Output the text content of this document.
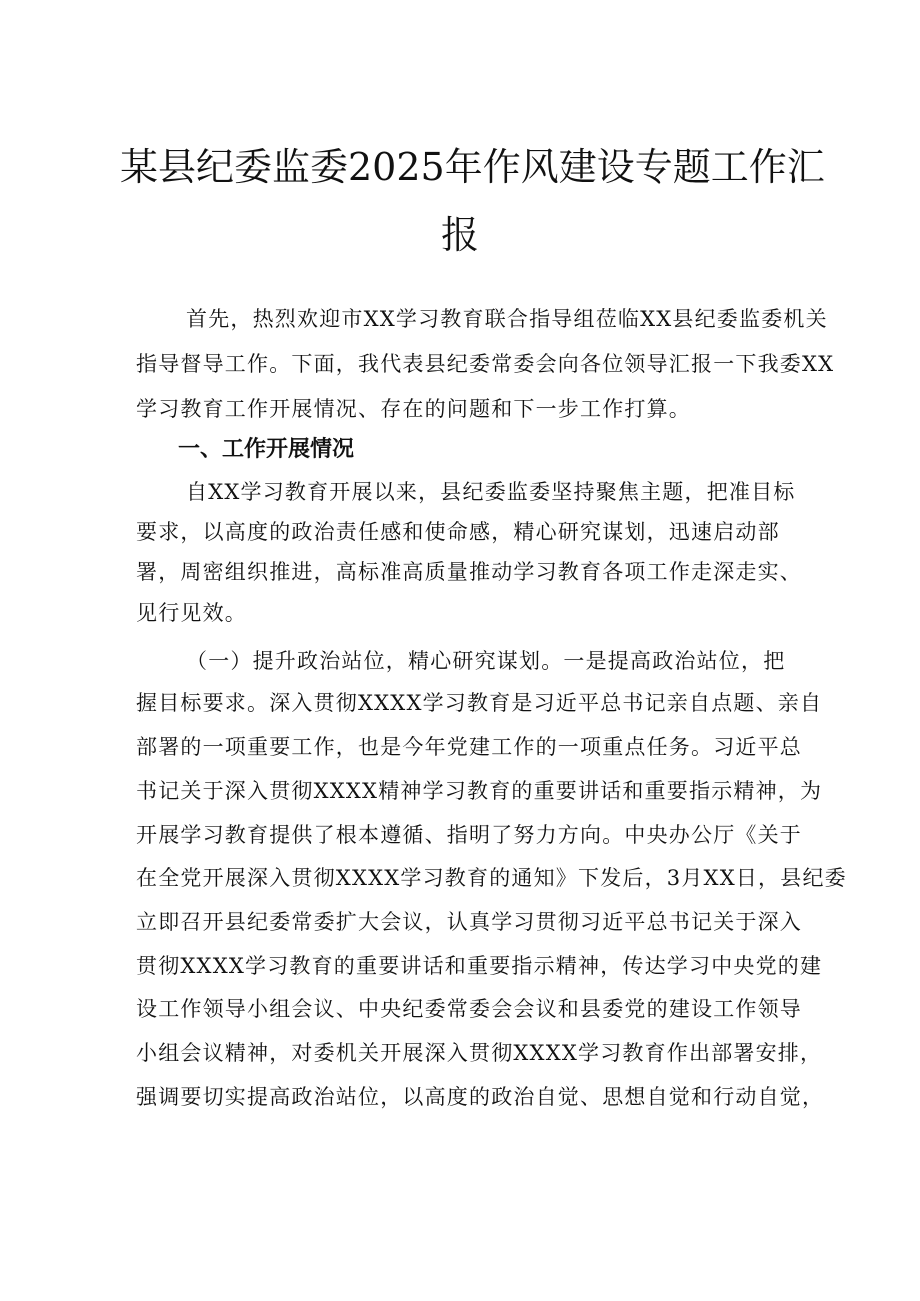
某县纪委监委2025年作风建设专题工作汇
报
首先，热烈欢迎市XX学习教育联合指导组莅临XX县纪委监委机关
指导督导工作。下面，我代表县纪委常委会向各位领导汇报一下我委XX
学习教育工作开展情况、存在的问题和下一步工作打算。
一、工作开展情况
自XX学习教育开展以来，县纪委监委坚持聚焦主题，把准目标
要求，以高度的政治责任感和使命感，精心研究谋划，迅速启动部
署，周密组织推进，高标准高质量推动学习教育各项工作走深走实、
见行见效。
（一）提升政治站位，精心研究谋划。一是提高政治站位，把
握目标要求。深入贯彻XXXX学习教育是习近平总书记亲自点题、亲自
部署的一项重要工作，也是今年党建工作的一项重点任务。习近平总
书记关于深入贯彻XXXX精神学习教育的重要讲话和重要指示精神，为
开展学习教育提供了根本遵循、指明了努力方向。中央办公厅《关于
在全党开展深入贯彻XXXX学习教育的通知》下发后，3月XX日，县纪委
立即召开县纪委常委扩大会议，认真学习贯彻习近平总书记关于深入
贯彻XXXX学习教育的重要讲话和重要指示精神，传达学习中央党的建
设工作领导小组会议、中央纪委常委会会议和县委党的建设工作领导
小组会议精神，对委机关开展深入贯彻XXXX学习教育作出部署安排，
强调要切实提高政治站位，以高度的政治自觉、思想自觉和行动自觉，
